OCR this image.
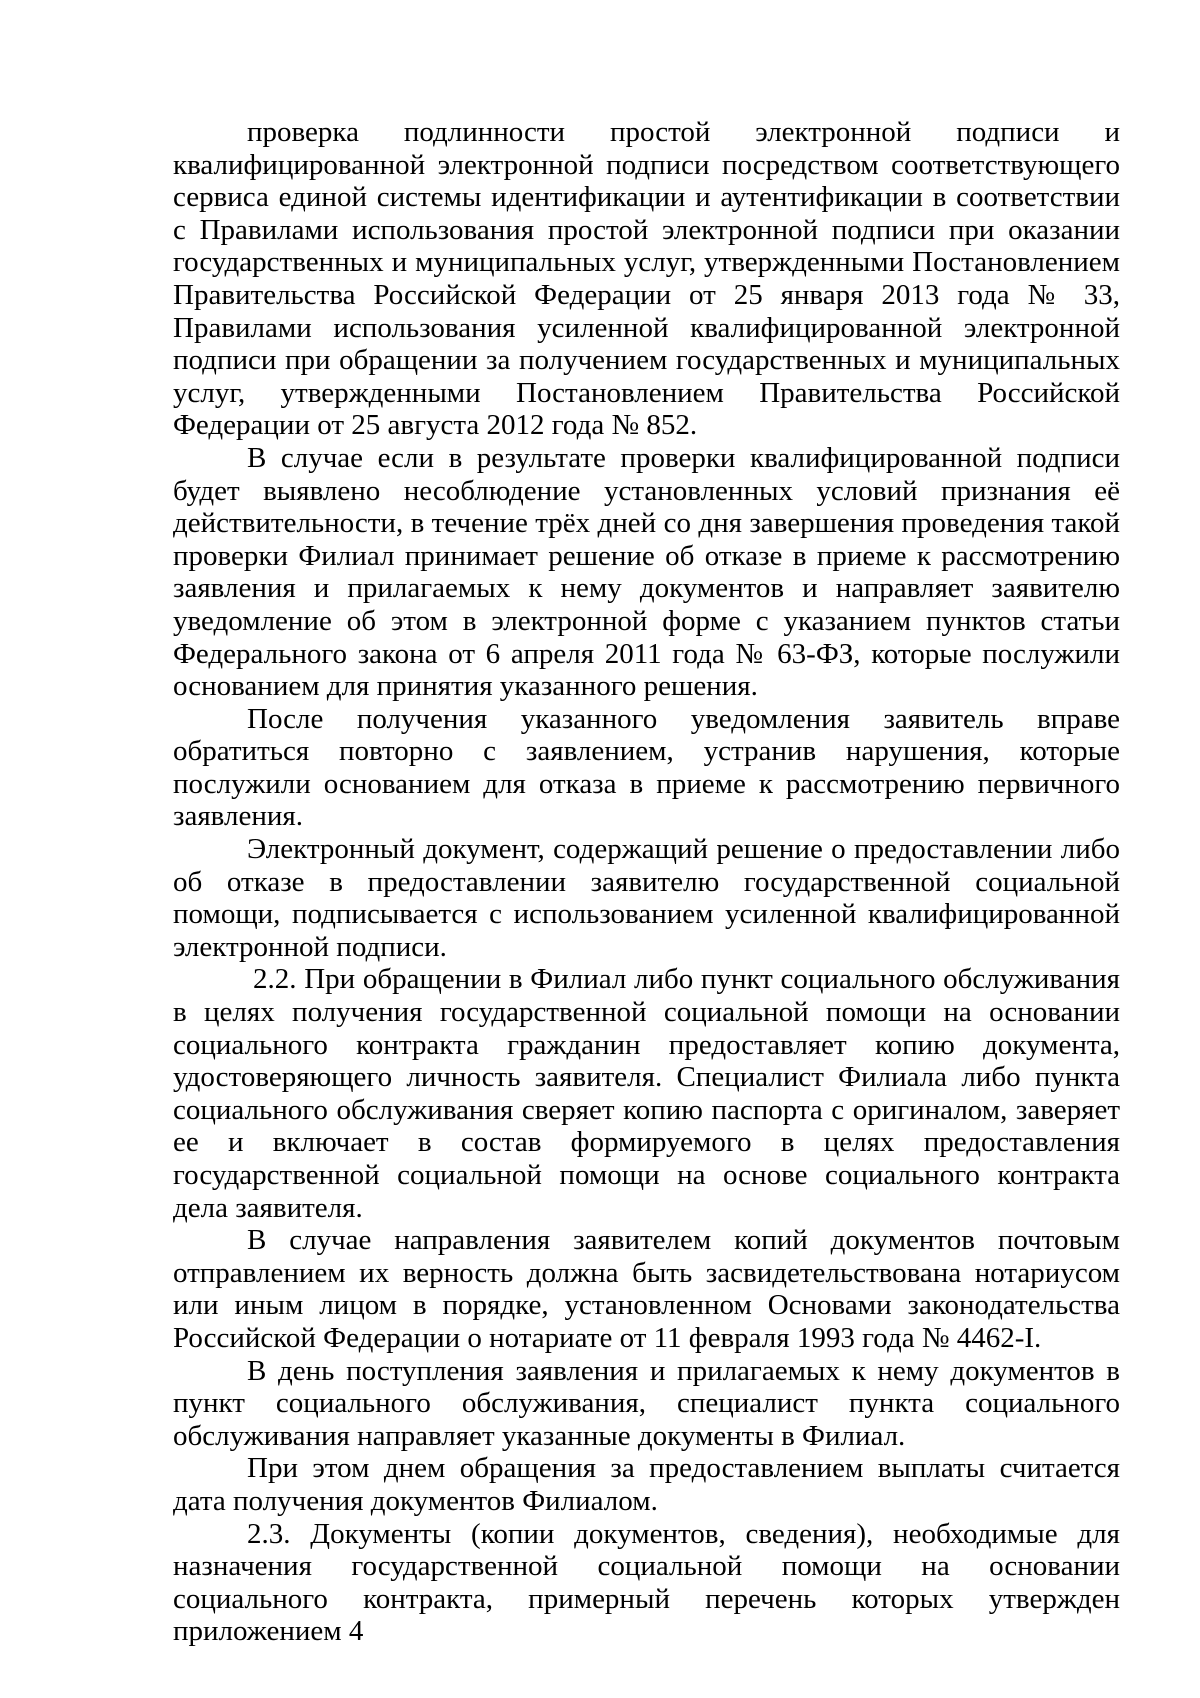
проверка подлинности простой электронной подписи и квалифицированной электронной подписи посредством соответствующего сервиса единой системы идентификации и аутентификации в соответствии с Правилами использования простой электронной подписи при оказании государственных и муниципальных услуг, утвержденными Постановлением Правительства Российской Федерации от 25 января 2013 года № 33, Правилами использования усиленной квалифицированной электронной подписи при обращении за получением государственных и муниципальных услуг, утвержденными Постановлением Правительства Российской Федерации от 25 августа 2012 года № 852.

В случае если в результате проверки квалифицированной подписи будет выявлено несоблюдение установленных условий признания её действительности, в течение трёх дней со дня завершения проведения такой проверки Филиал принимает решение об отказе в приеме к рассмотрению заявления и прилагаемых к нему документов и направляет заявителю уведомление об этом в электронной форме с указанием пунктов статьи Федерального закона от 6 апреля 2011 года № 63-ФЗ, которые послужили основанием для принятия указанного решения.

После получения указанного уведомления заявитель вправе обратиться повторно с заявлением, устранив нарушения, которые послужили основанием для отказа в приеме к рассмотрению первичного заявления.

Электронный документ, содержащий решение о предоставлении либо об отказе в предоставлении заявителю государственной социальной помощи, подписывается с использованием усиленной квалифицированной электронной подписи.

2.2. При обращении в Филиал либо пункт социального обслуживания в целях получения государственной социальной помощи на основании социального контракта гражданин предоставляет копию документа, удостоверяющего личность заявителя. Специалист Филиала либо пункта социального обслуживания сверяет копию паспорта с оригиналом, заверяет ее и включает в состав формируемого в целях предоставления государственной социальной помощи на основе социального контракта дела заявителя.

В случае направления заявителем копий документов почтовым отправлением их верность должна быть засвидетельствована нотариусом или иным лицом в порядке, установленном Основами законодательства Российской Федерации о нотариате от 11 февраля 1993 года № 4462-I.

В день поступления заявления и прилагаемых к нему документов в пункт социального обслуживания, специалист пункта социального обслуживания направляет указанные документы в Филиал.

При этом днем обращения за предоставлением выплаты считается дата получения документов Филиалом.

2.3. Документы (копии документов, сведения), необходимые для назначения государственной социальной помощи на основании социального контракта, примерный перечень которых утвержден приложением 4
